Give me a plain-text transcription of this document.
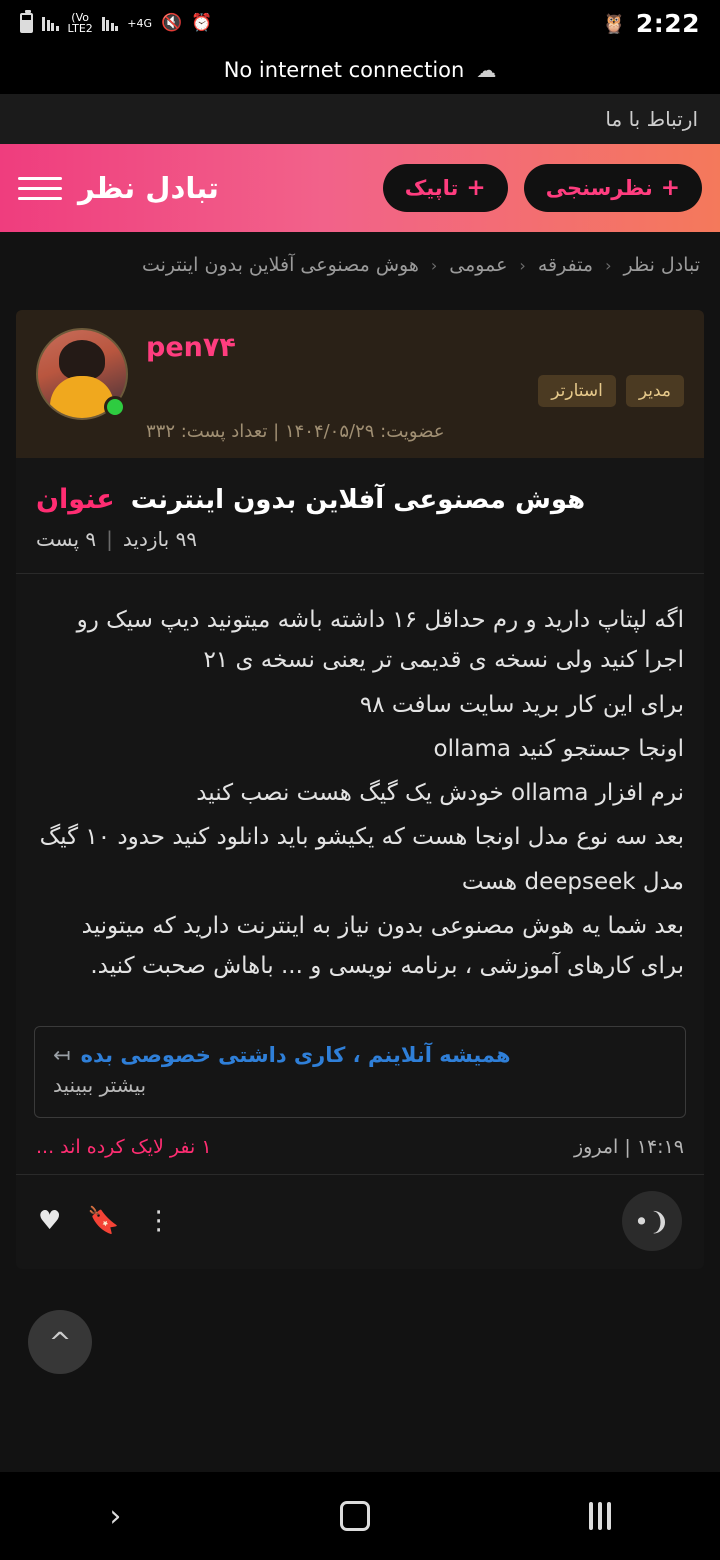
2:22
🦉
⏰
🔇
4G+
Vo)
LTE2
☁
No internet connection
ارتباط با ما
+
نظرسنجی
+
تاپیک
تبادل نظر
تبادل نظر
‹
متفرقه
‹
عمومی
‹
هوش مصنوعی آفلاین بدون اینترنت
pen۷۴
مدیر
استارتر
عضویت: ۱۴۰۴/۰۵/۲۹ | تعداد پست: ۳۳۲
عنوان هوش مصنوعی آفلاین بدون اینترنت
۹ پست | ۹۹ بازدید

اگه لپتاپ دارید و رم حداقل ۱۶ داشته باشه میتونید دیپ سیک رو اجرا کنید ولی نسخه ی قدیمی تر یعنی نسخه ی ۲۱

برای این کار برید سایت سافت ۹۸

اونجا جستجو کنید ollama

نرم افزار ollama خودش یک گیگ هست نصب کنید

بعد سه نوع مدل اونجا هست که یکیشو باید دانلود کنید حدود ۱۰ گیگ

مدل deepseek هست

بعد شما یه هوش مصنوعی بدون نیاز به اینترنت دارید که میتونید برای کارهای آموزشی ، برنامه نویسی و ... باهاش صحبت کنید.

همیشه آنلاینم ، کاری داشتی خصوصی بده
↤
بیشتر ببینید
۱۴:۱۹ | امروز
۱ نفر لایک کرده اند ...
❨•
⋮
🔖
♥
^
‹
